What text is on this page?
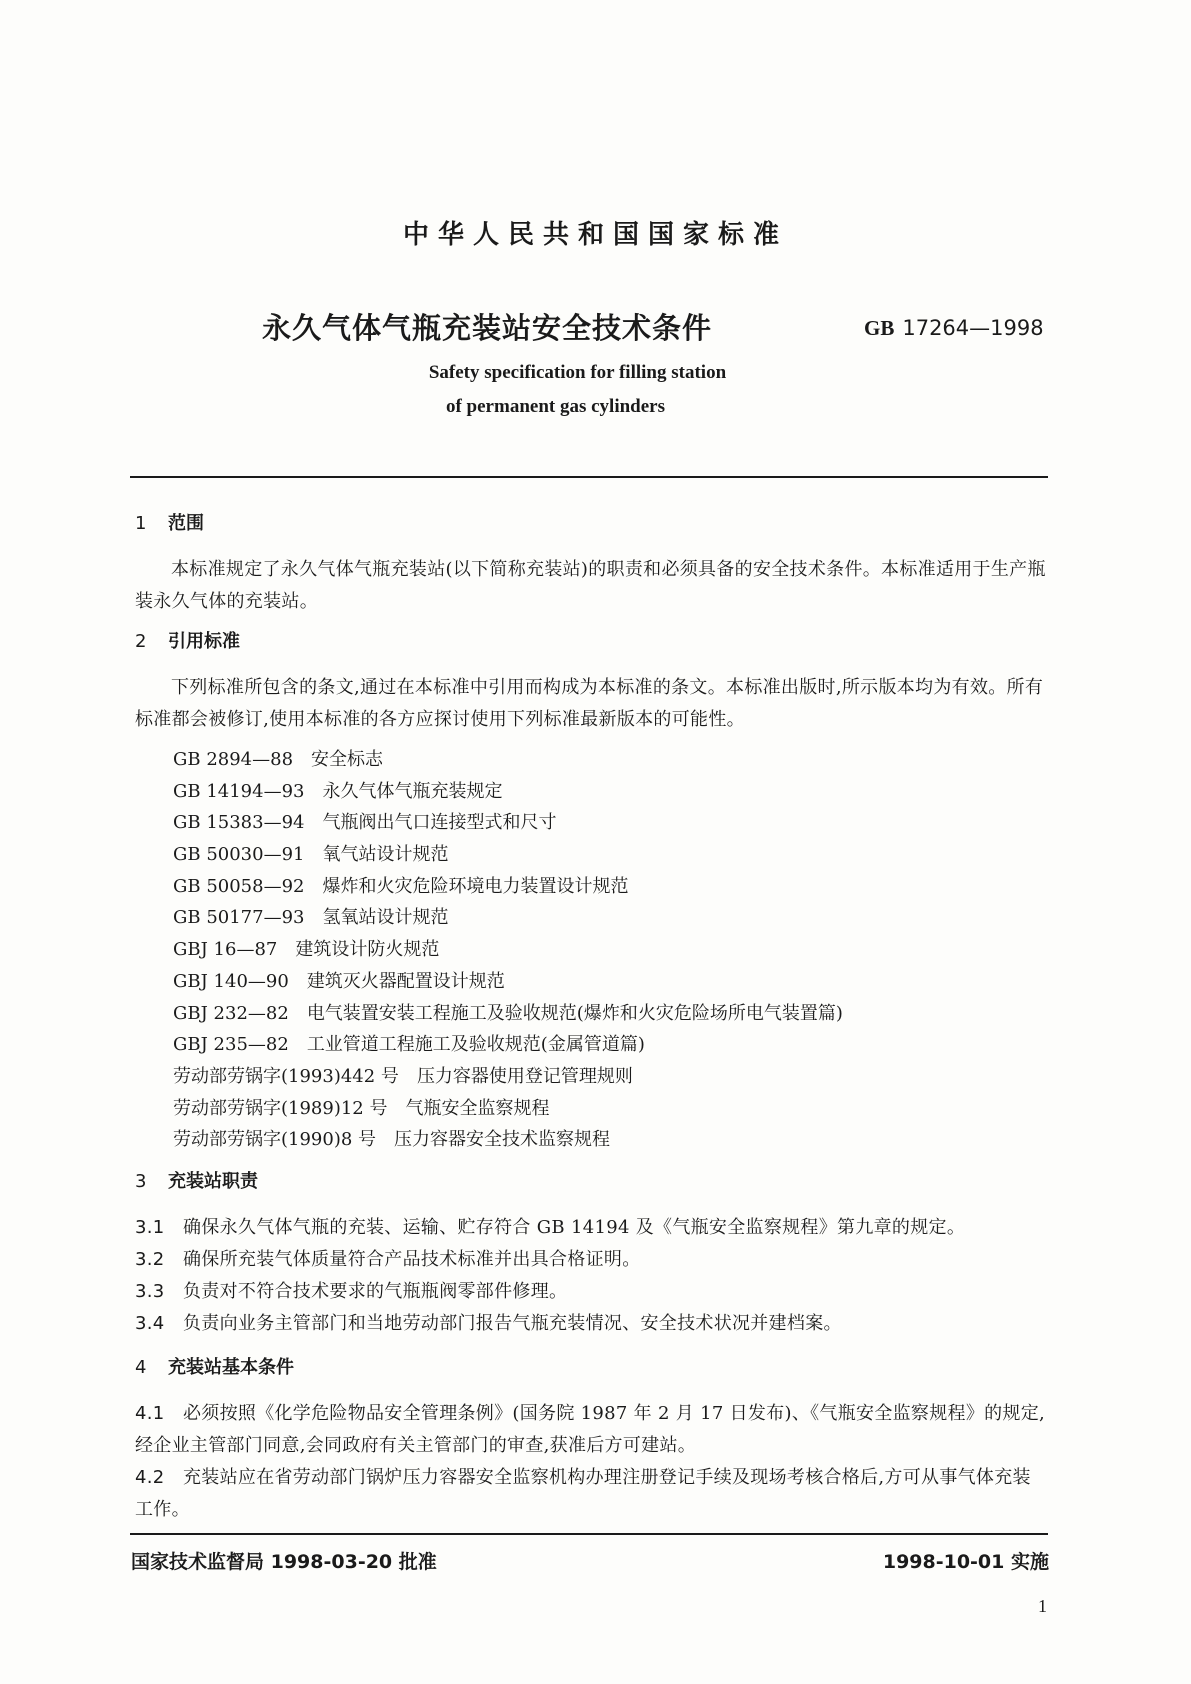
中华人民共和国国家标准
永久气体气瓶充装站安全技术条件	GB 17264—1998
Safety specification for filling station
of permanent gas cylinders
1 范围

本标准规定了永久气体气瓶充装站(以下简称充装站)的职责和必须具备的安全技术条件。本标准适用于生产瓶装永久气体的充装站。

2 引用标准

下列标准所包含的条文,通过在本标准中引用而构成为本标准的条文。本标准出版时,所示版本均为有效。所有标准都会被修订,使用本标准的各方应探讨使用下列标准最新版本的可能性。

GB 2894—88 安全标志
GB 14194—93 永久气体气瓶充装规定
GB 15383—94 气瓶阀出气口连接型式和尺寸
GB 50030—91 氧气站设计规范
GB 50058—92 爆炸和火灾危险环境电力装置设计规范
GB 50177—93 氢氧站设计规范
GBJ 16—87 建筑设计防火规范
GBJ 140—90 建筑灭火器配置设计规范
GBJ 232—82 电气装置安装工程施工及验收规范(爆炸和火灾危险场所电气装置篇)
GBJ 235—82 工业管道工程施工及验收规范(金属管道篇)
劳动部劳锅字(1993)442 号 压力容器使用登记管理规则
劳动部劳锅字(1989)12 号 气瓶安全监察规程
劳动部劳锅字(1990)8 号 压力容器安全技术监察规程
3 充装站职责

3.1 确保永久气体气瓶的充装、运输、贮存符合 GB 14194 及《气瓶安全监察规程》第九章的规定。

3.2 确保所充装气体质量符合产品技术标准并出具合格证明。

3.3 负责对不符合技术要求的气瓶瓶阀零部件修理。

3.4 负责向业务主管部门和当地劳动部门报告气瓶充装情况、安全技术状况并建档案。

4 充装站基本条件

4.1 必须按照《化学危险物品安全管理条例》(国务院 1987 年 2 月 17 日发布)、《气瓶安全监察规程》的规定,经企业主管部门同意,会同政府有关主管部门的审查,获准后方可建站。

4.2 充装站应在省劳动部门锅炉压力容器安全监察机构办理注册登记手续及现场考核合格后,方可从事气体充装工作。

国家技术监督局 1998-03-20 批准	1998-10-01 实施
1
